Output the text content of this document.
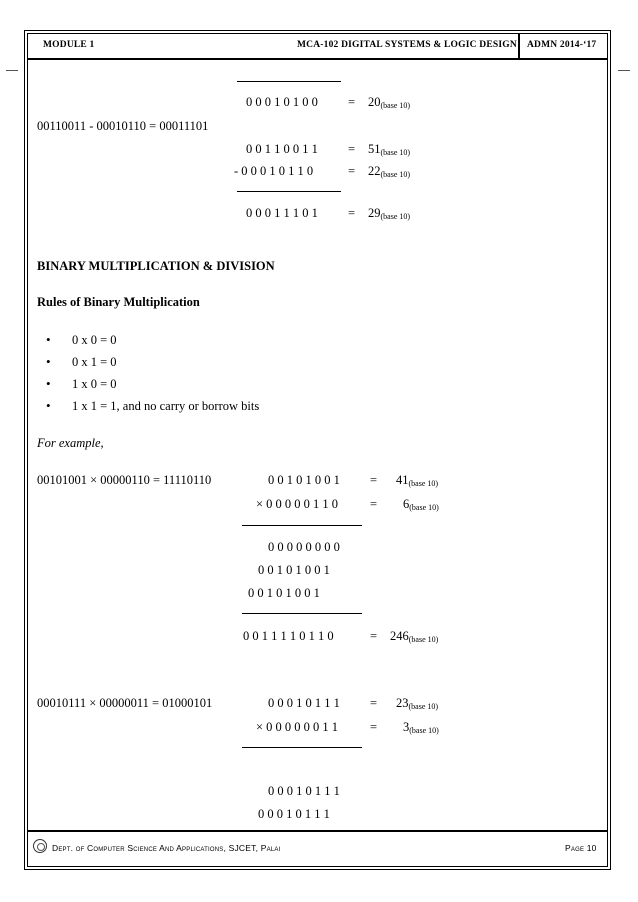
MODULE 1	MCA-102 DIGITAL SYSTEMS & LOGIC DESIGN ADMN 2014-‘17
0 0 0 1 0 1 0 $0 = 20_{(base 10)}$
00110011 - 00010110 = 00011101
0 0 1 1 0 0 1 $1 = 51_{(base 10)}$
- 0 0 0 1 0 1 1 0	= $22_{(base 10)}$
0 0 0 1 1 1 0 $1 = 29_{(base 10)}$
BINARY MULTIPLICATION & DIVISION
Rules of Binary Multiplication
• 0 x 0 = 0
• 0 x 1 = 0
• 1 x 0 = 0
• 1 x 1 = 1, and no carry or borrow bits
For example,
00101001 × 00000110 = 11110110	0 0 1 0 1 0 0 $1 = 41_{(base 10)}$
× 0 0 0 0 0 1 1 0	= $6_{(base 10)}$
0 0 0 0 0 0 0 0
0 0 1 0 1 0 0 1
0 0 1 0 1 0 0 1
0 0 1 1 1 1 0 1 1 0	= $246_{(base 10)}$
00010111 × 00000011 = 01000101	0 0 0 1 0 1 1 $1 = 23_{(base 10)}$
× 0 0 0 0 0 0 1 1	= $3_{(base 10)}$
0 0 0 1 0 1 1 1
0 0 0 1 0 1 1 1
Dept. of Computer Science And Applications, SJCET, Palai	Page 10
